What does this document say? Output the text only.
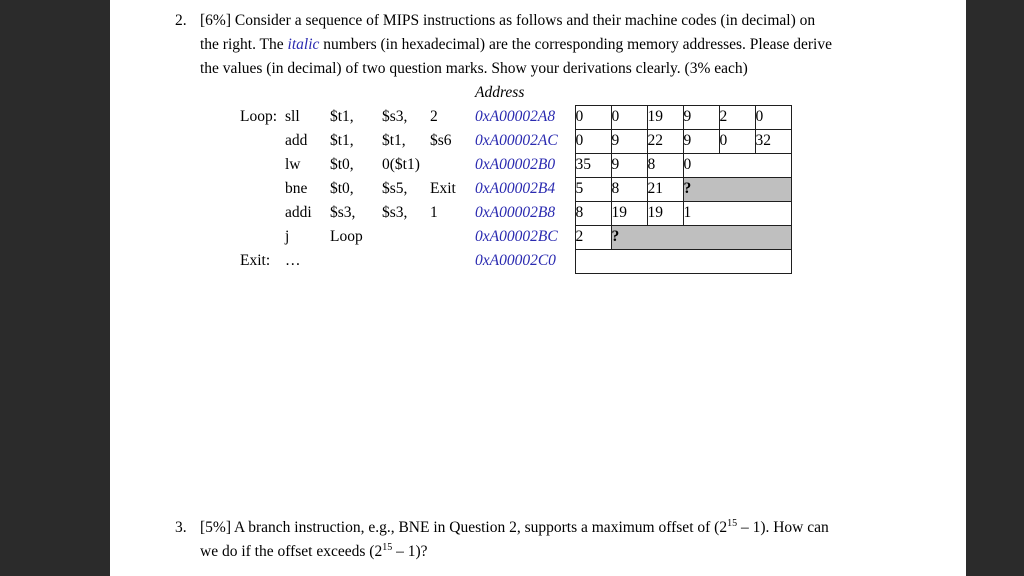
2. [6%] Consider a sequence of MIPS instructions as follows and their machine codes (in decimal) on
the right. The italic numbers (in hexadecimal) are the corresponding memory addresses. Please derive
the values (in decimal) of two question marks. Show your derivations clearly. (3% each)
					Address						
Loop:	sll	$t1,	$s3,	2	0xA00002A8	0	0	19	9	2	0
	add	$t1,	$t1,	$s6	0xA00002AC	0	9	22	9	0	32
	lw	$t0,	0($t1)		0xA00002B0	35	9	8	0		
	bne	$t0,	$s5,	Exit	0xA00002B4	5	8	21	?		
	addi	$s3,	$s3,	1	0xA00002B8	8	19	19	1		
	j	Loop			0xA00002BC	2	?				
Exit:	…				0xA00002C0						
3. [5%] A branch instruction, e.g., BNE in Question 2, supports a maximum offset of $(2^{15} - 1)$. How can
we do if the offset exceeds $(2^{15} - 1)$?
